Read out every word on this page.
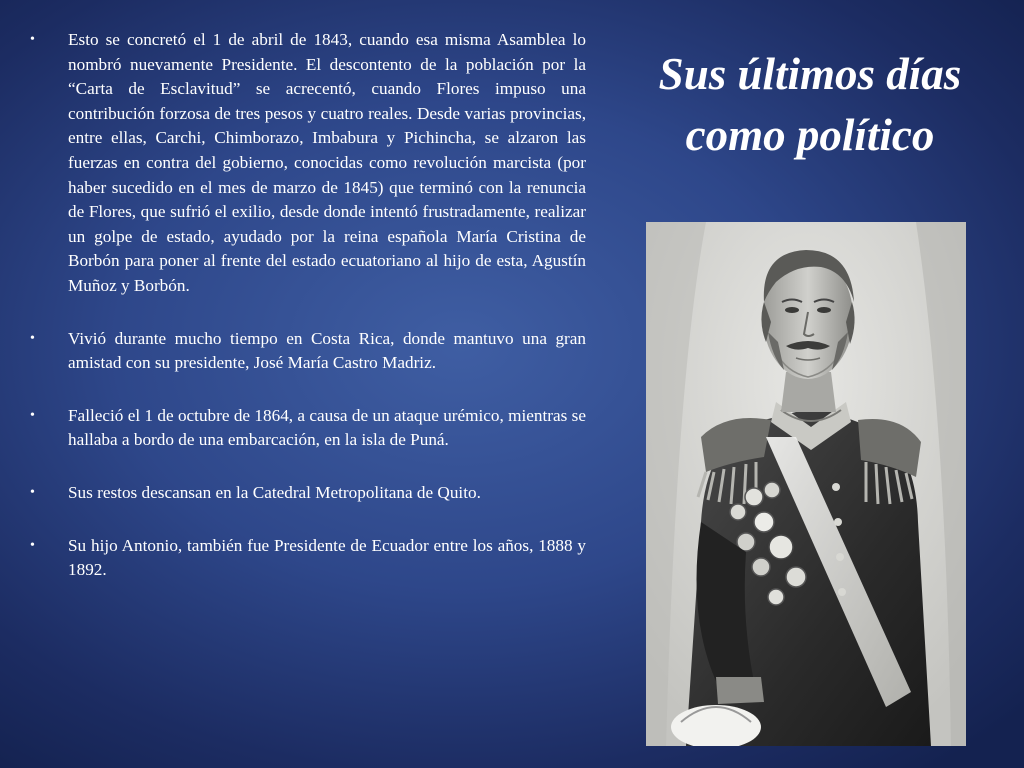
• Esto se concretó el 1 de abril de 1843, cuando esa misma Asamblea lo nombró nuevamente Presidente. El descontento de la población por la “Carta de Esclavitud” se acrecentó, cuando Flores impuso una contribución forzosa de tres pesos y cuatro reales. Desde varias provincias, entre ellas, Carchi, Chimborazo, Imbabura y Pichincha, se alzaron las fuerzas en contra del gobierno, conocidas como revolución marcista (por haber sucedido en el mes de marzo de 1845) que terminó con la renuncia de Flores, que sufrió el exilio, desde donde intentó frustradamente, realizar un golpe de estado, ayudado por la reina española María Cristina de Borbón para poner al frente del estado ecuatoriano al hijo de esta, Agustín Muñoz y Borbón.
• Vivió durante mucho tiempo en Costa Rica, donde mantuvo una gran amistad con su presidente, José María Castro Madriz.
• Falleció el 1 de octubre de 1864, a causa de un ataque urémico, mientras se hallaba a bordo de una embarcación, en la isla de Puná.
• Sus restos descansan en la Catedral Metropolitana de Quito.
• Su hijo Antonio, también fue Presidente de Ecuador entre los años, 1888 y 1892.
Sus últimos días como político
